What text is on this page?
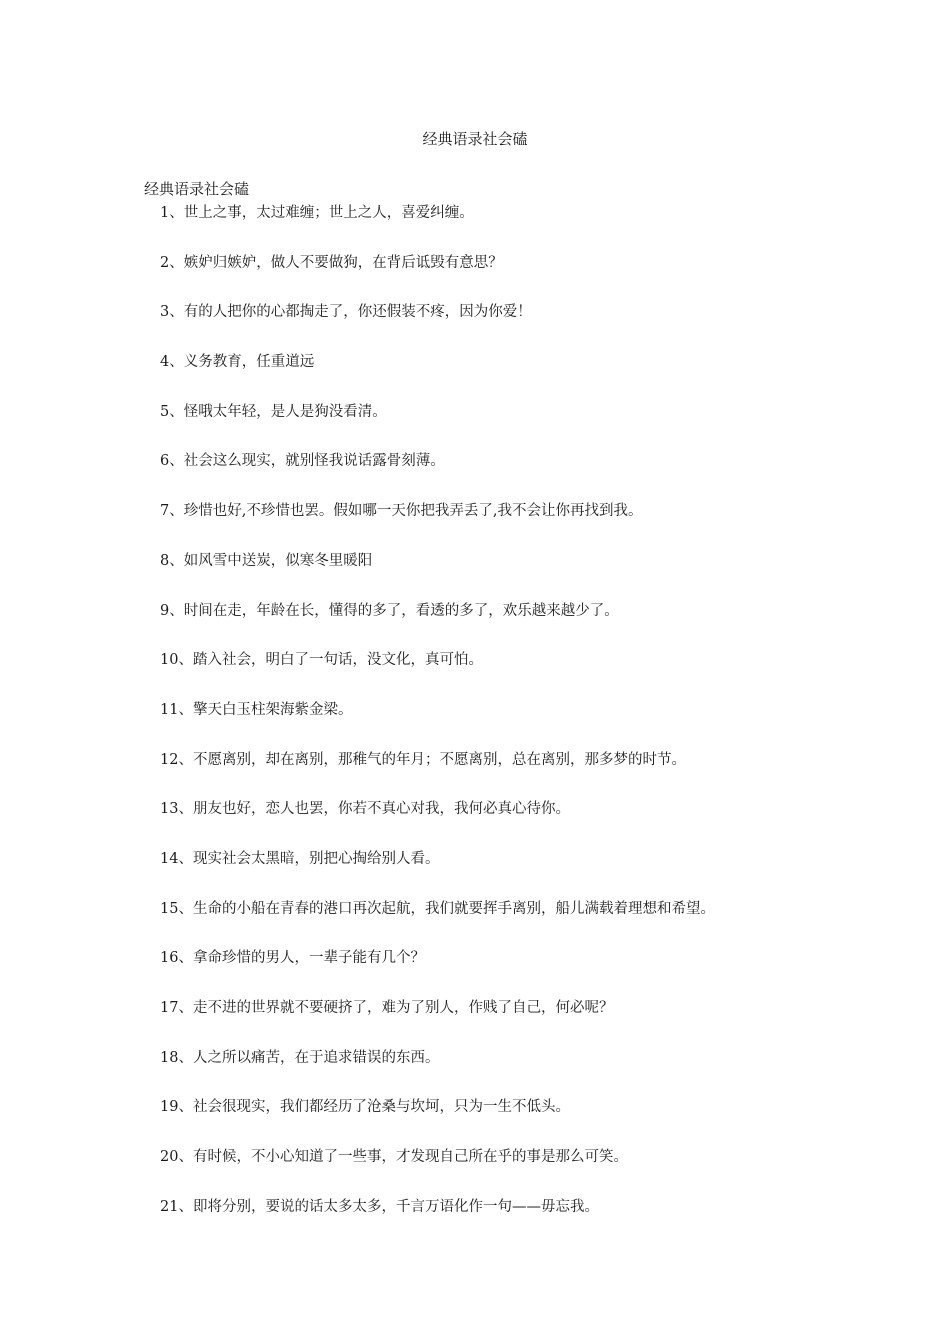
经典语录社会磕
经典语录社会磕
1、世上之事，太过难缠；世上之人，喜爱纠缠。
2、嫉妒归嫉妒，做人不要做狗，在背后诋毁有意思？
3、有的人把你的心都掏走了，你还假装不疼，因为你爱！
4、义务教育，任重道远
5、怪哦太年轻，是人是狗没看清。
6、社会这么现实，就别怪我说话露骨刻薄。
7、珍惜也好,不珍惜也罢。假如哪一天你把我弄丢了,我不会让你再找到我。
8、如风雪中送炭，似寒冬里暖阳
9、时间在走，年龄在长，懂得的多了，看透的多了，欢乐越来越少了。
10、踏入社会，明白了一句话，没文化，真可怕。
11、擎天白玉柱架海紫金梁。
12、不愿离别，却在离别，那稚气的年月；不愿离别，总在离别，那多梦的时节。
13、朋友也好，恋人也罢，你若不真心对我，我何必真心待你。
14、现实社会太黑暗，别把心掏给别人看。
15、生命的小船在青春的港口再次起航，我们就要挥手离别，船儿满载着理想和希望。
16、拿命珍惜的男人，一辈子能有几个？
17、走不进的世界就不要硬挤了，难为了别人，作贱了自己，何必呢？
18、人之所以痛苦，在于追求错误的东西。
19、社会很现实，我们都经历了沧桑与坎坷，只为一生不低头。
20、有时候，不小心知道了一些事，才发现自己所在乎的事是那么可笑。
21、即将分别，要说的话太多太多，千言万语化作一句——毋忘我。
